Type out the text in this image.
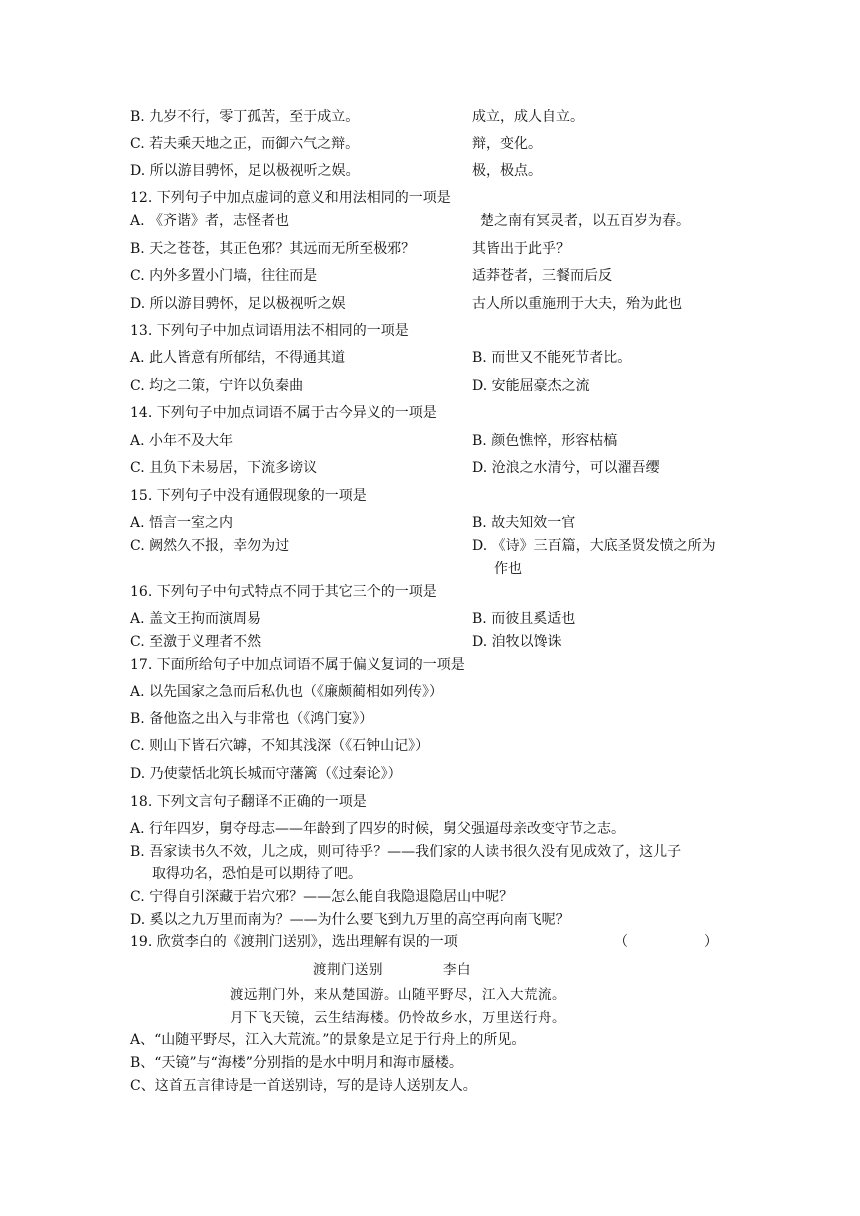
B. 九岁不行，零丁孤苦，至于成立。	成立，成人自立。
C. 若夫乘天地之正，而御六气之辩。	辩，变化。
D. 所以游目骋怀，足以极视听之娱。	极，极点。
12. 下列句子中加点虚词的意义和用法相同的一项是
A. 《齐谐》者，志怪者也	楚之南有冥灵者，以五百岁为春。
B. 天之苍苍，其正色邪？其远而无所至极邪？	其皆出于此乎？
C. 内外多置小门墙，往往而是	适莽苍者，三餐而后反
D. 所以游目骋怀，足以极视听之娱	古人所以重施刑于大夫，殆为此也
13. 下列句子中加点词语用法不相同的一项是
A. 此人皆意有所郁结，不得通其道	B. 而世又不能死节者比。
C. 均之二策，宁许以负秦曲	D. 安能屈豪杰之流
14. 下列句子中加点词语不属于古今异义的一项是
A. 小年不及大年	B. 颜色憔悴，形容枯槁
C. 且负下未易居，下流多谤议	D. 沧浪之水清兮，可以濯吾缨
15. 下列句子中没有通假现象的一项是
A. 悟言一室之内	B. 故夫知效一官
C. 阙然久不报，幸勿为过	D. 《诗》三百篇，大底圣贤发愤之所为
作也
16. 下列句子中句式特点不同于其它三个的一项是
A. 盖文王拘而演周易	B. 而彼且奚适也
C. 至激于义理者不然	D. 洎牧以馋诛
17. 下面所给句子中加点词语不属于偏义复词的一项是
A. 以先国家之急而后私仇也（《廉颇蔺相如列传》）
B. 备他盗之出入与非常也（《鸿门宴》）
C. 则山下皆石穴罅，不知其浅深（《石钟山记》）
D. 乃使蒙恬北筑长城而守藩篱（《过秦论》）
18. 下列文言句子翻译不正确的一项是
A. 行年四岁，舅夺母志——年龄到了四岁的时候，舅父强逼母亲改变守节之志。
B. 吾家读书久不效，儿之成，则可待乎？——我们家的人读书很久没有见成效了，这儿子
取得功名，恐怕是可以期待了吧。
C. 宁得自引深藏于岩穴邪？——怎么能自我隐退隐居山中呢？
D. 奚以之九万里而南为？——为什么要飞到九万里的高空再向南飞呢？
19. 欣赏李白的《渡荆门送别》，选出理解有误的一项	（	）
渡荆门送别	李白
渡远荆门外，来从楚国游。山随平野尽，江入大荒流。
月下飞天镜，云生结海楼。仍怜故乡水，万里送行舟。
A、“山随平野尽，江入大荒流。”的景象是立足于行舟上的所见。
B、“天镜”与“海楼”分别指的是水中明月和海市蜃楼。
C、这首五言律诗是一首送别诗，写的是诗人送别友人。
